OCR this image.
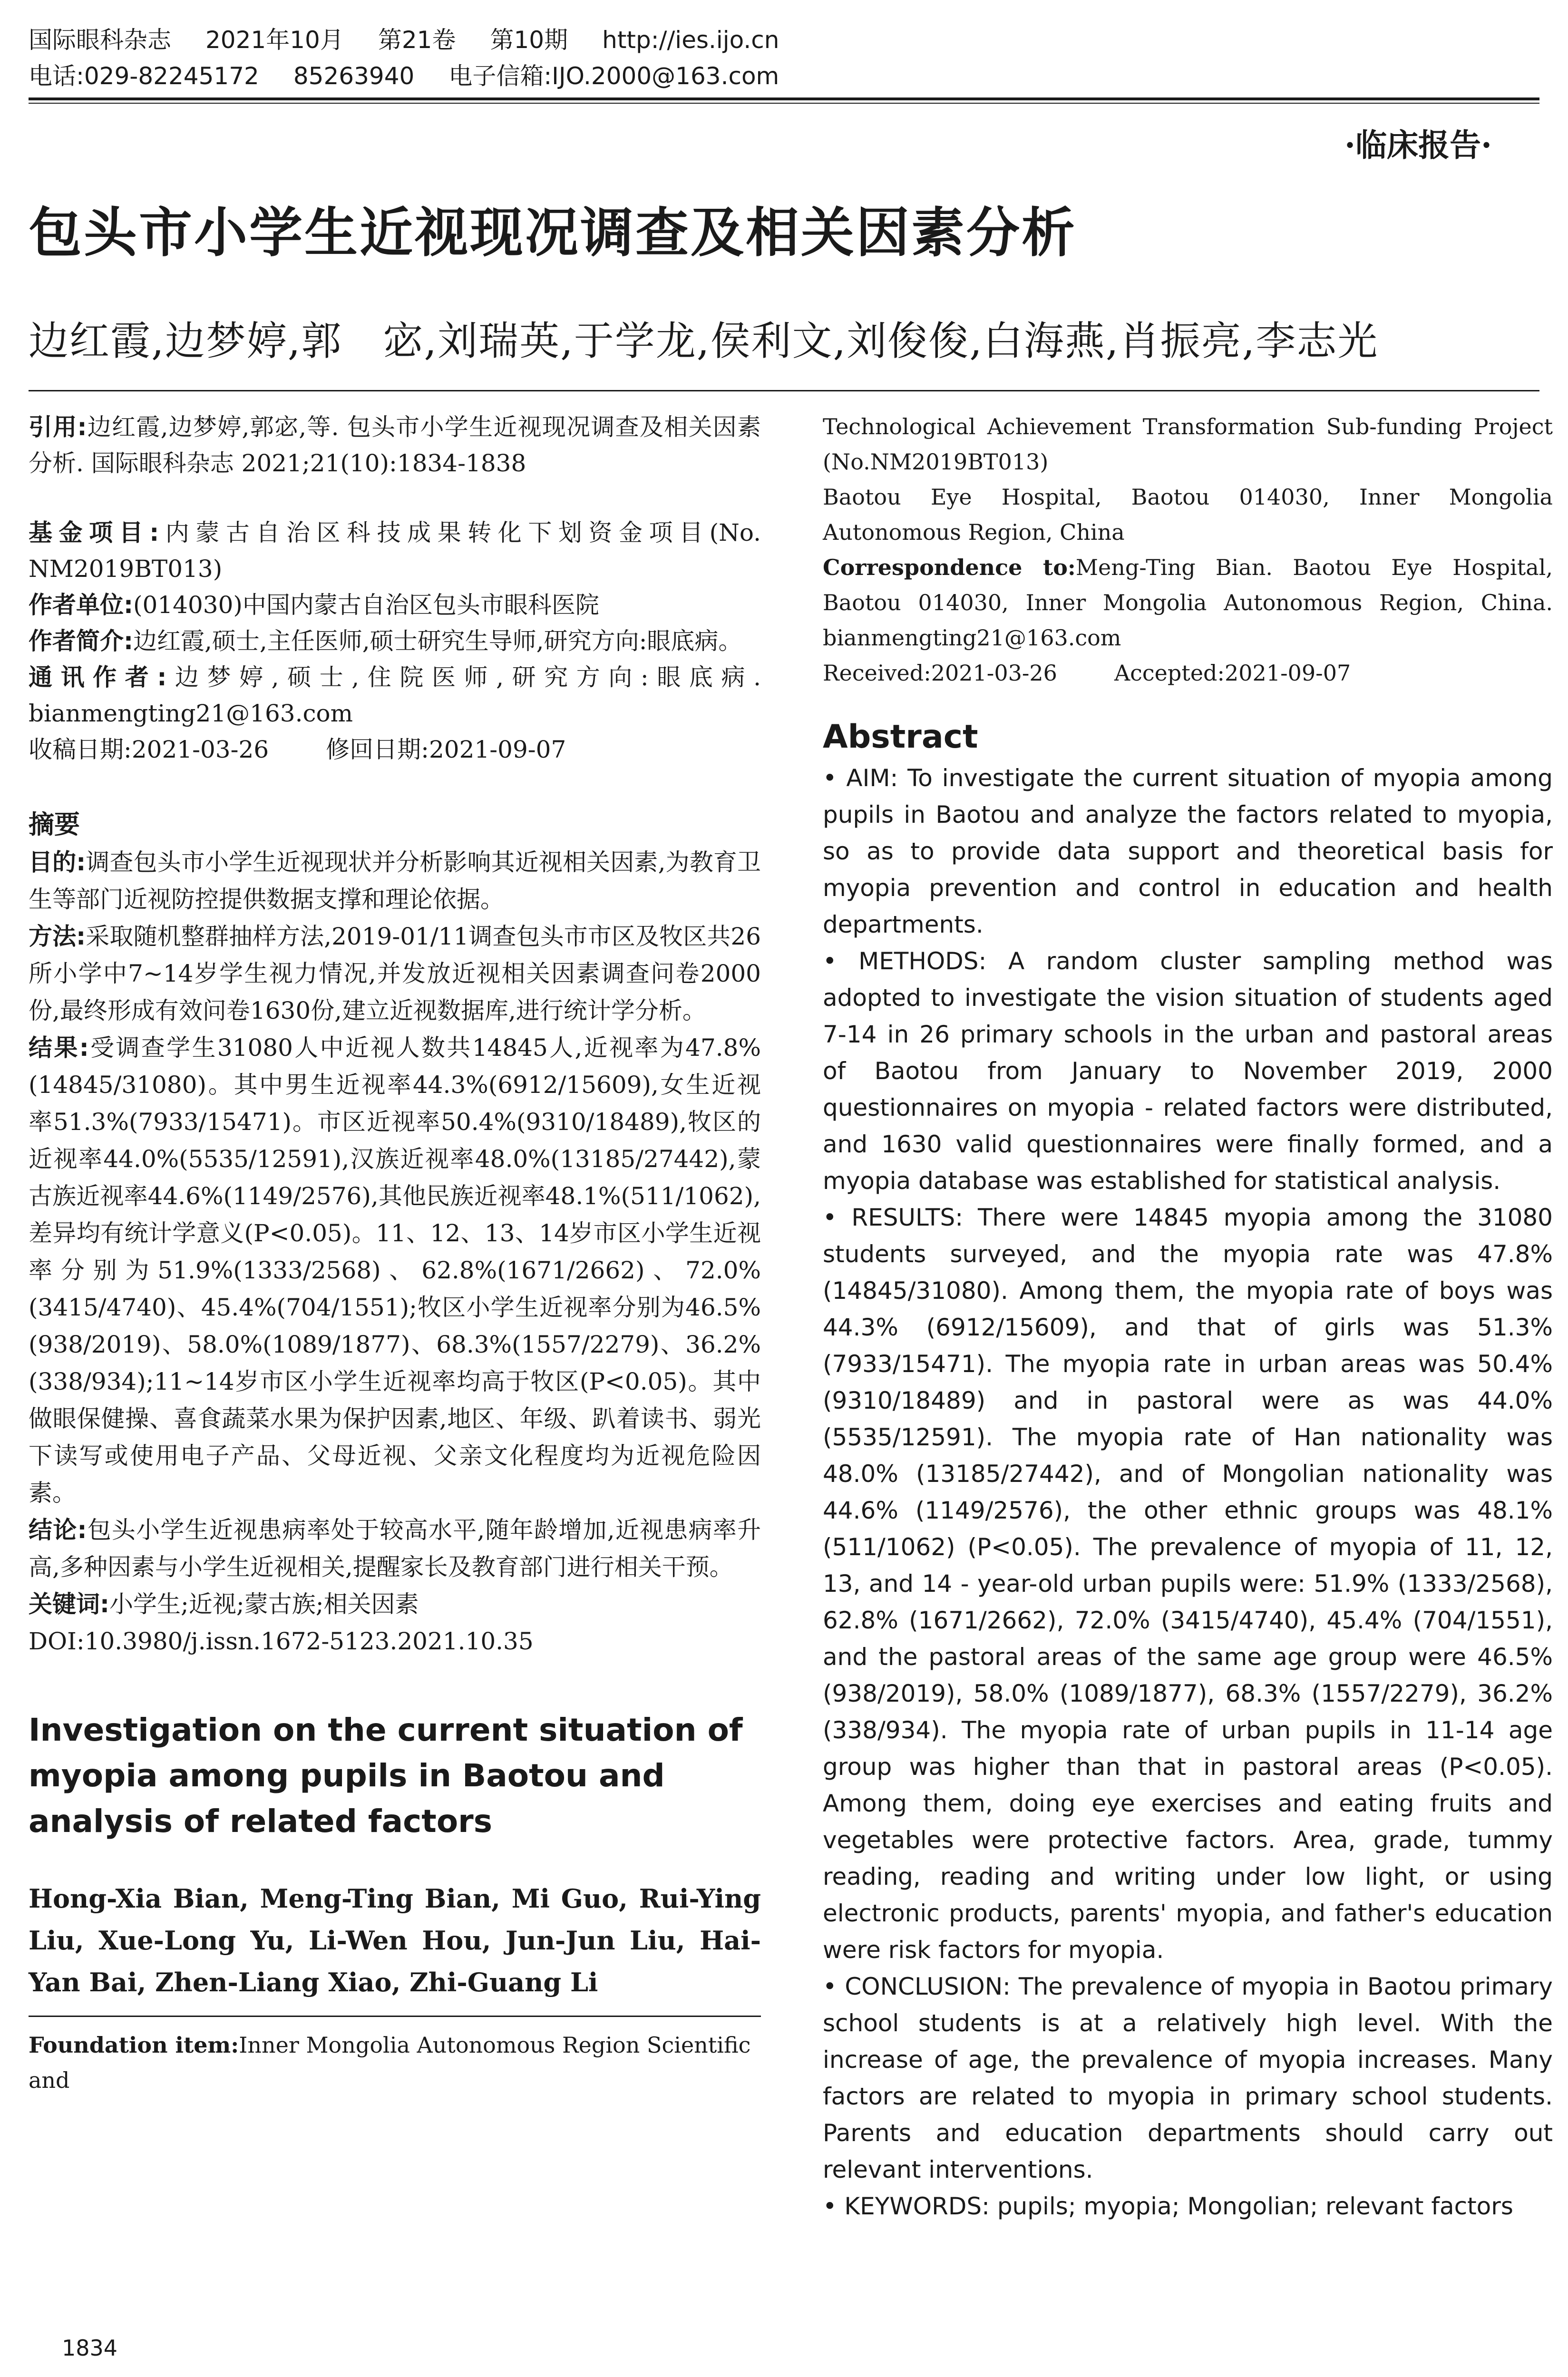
国际眼科杂志 2021年10月 第21卷 第10期 http://ies.ijo.cn
电话:029-82245172 85263940 电子信箱:IJO.2000@163.com
·临床报告·
包头市小学生近视现况调查及相关因素分析
边红霞,边梦婷,郭　宓,刘瑞英,于学龙,侯利文,刘俊俊,白海燕,肖振亮,李志光
引用:边红霞,边梦婷,郭宓,等. 包头市小学生近视现况调查及相关因素分析. 国际眼科杂志 2021;21(10):1834-1838
基金项目:内蒙古自治区科技成果转化下划资金项目(No. NM2019BT013)
作者单位:(014030)中国内蒙古自治区包头市眼科医院
作者简介:边红霞,硕士,主任医师,硕士研究生导师,研究方向:眼底病。
通讯作者:边梦婷,硕士,住院医师,研究方向:眼底病. bianmengting21@163.com
收稿日期:2021-03-26 修回日期:2021-09-07
摘要
目的:调查包头市小学生近视现状并分析影响其近视相关因素,为教育卫生等部门近视防控提供数据支撑和理论依据。
方法:采取随机整群抽样方法,2019-01/11调查包头市市区及牧区共26所小学中7~14岁学生视力情况,并发放近视相关因素调查问卷2000份,最终形成有效问卷1630份,建立近视数据库,进行统计学分析。
结果:受调查学生31080人中近视人数共14845人,近视率为47.8%(14845/31080)。其中男生近视率44.3%(6912/15609),女生近视率51.3%(7933/15471)。市区近视率50.4%(9310/18489),牧区的近视率44.0%(5535/12591),汉族近视率48.0%(13185/27442),蒙古族近视率44.6%(1149/2576),其他民族近视率48.1%(511/1062),差异均有统计学意义(P<0.05)。11、12、13、14岁市区小学生近视率分别为51.9%(1333/2568)、62.8%(1671/2662)、72.0%(3415/4740)、45.4%(704/1551);牧区小学生近视率分别为46.5%(938/2019)、58.0%(1089/1877)、68.3%(1557/2279)、36.2%(338/934);11~14岁市区小学生近视率均高于牧区(P<0.05)。其中做眼保健操、喜食蔬菜水果为保护因素,地区、年级、趴着读书、弱光下读写或使用电子产品、父母近视、父亲文化程度均为近视危险因素。
结论:包头小学生近视患病率处于较高水平,随年龄增加,近视患病率升高,多种因素与小学生近视相关,提醒家长及教育部门进行相关干预。
关键词:小学生;近视;蒙古族;相关因素
DOI:10.3980/j.issn.1672-5123.2021.10.35
Investigation on the current situation of myopia among pupils in Baotou and analysis of related factors
Hong-Xia Bian, Meng-Ting Bian, Mi Guo, Rui-Ying Liu, Xue-Long Yu, Li-Wen Hou, Jun-Jun Liu, Hai-Yan Bai, Zhen-Liang Xiao, Zhi-Guang Li
Foundation item:Inner Mongolia Autonomous Region Scientific and
Technological Achievement Transformation Sub-funding Project (No.NM2019BT013)
Baotou Eye Hospital, Baotou 014030, Inner Mongolia Autonomous Region, China
Correspondence to:Meng-Ting Bian. Baotou Eye Hospital, Baotou 014030, Inner Mongolia Autonomous Region, China. bianmengting21@163.com
Received:2021-03-26	Accepted:2021-09-07
Abstract
• AIM: To investigate the current situation of myopia among pupils in Baotou and analyze the factors related to myopia, so as to provide data support and theoretical basis for myopia prevention and control in education and health departments.
• METHODS: A random cluster sampling method was adopted to investigate the vision situation of students aged 7-14 in 26 primary schools in the urban and pastoral areas of Baotou from January to November 2019, 2000 questionnaires on myopia - related factors were distributed, and 1630 valid questionnaires were finally formed, and a myopia database was established for statistical analysis.
• RESULTS: There were 14845 myopia among the 31080 students surveyed, and the myopia rate was 47.8% (14845/31080). Among them, the myopia rate of boys was 44.3% (6912/15609), and that of girls was 51.3% (7933/15471). The myopia rate in urban areas was 50.4% (9310/18489) and in pastoral were as was 44.0% (5535/12591). The myopia rate of Han nationality was 48.0% (13185/27442), and of Mongolian nationality was 44.6% (1149/2576), the other ethnic groups was 48.1% (511/1062) (P<0.05). The prevalence of myopia of 11, 12, 13, and 14 - year-old urban pupils were: 51.9% (1333/2568), 62.8% (1671/2662), 72.0% (3415/4740), 45.4% (704/1551), and the pastoral areas of the same age group were 46.5% (938/2019), 58.0% (1089/1877), 68.3% (1557/2279), 36.2% (338/934). The myopia rate of urban pupils in 11-14 age group was higher than that in pastoral areas (P<0.05). Among them, doing eye exercises and eating fruits and vegetables were protective factors. Area, grade, tummy reading, reading and writing under low light, or using electronic products, parents' myopia, and father's education were risk factors for myopia.
• CONCLUSION: The prevalence of myopia in Baotou primary school students is at a relatively high level. With the increase of age, the prevalence of myopia increases. Many factors are related to myopia in primary school students. Parents and education departments should carry out relevant interventions.
• KEYWORDS: pupils; myopia; Mongolian; relevant factors
1834
